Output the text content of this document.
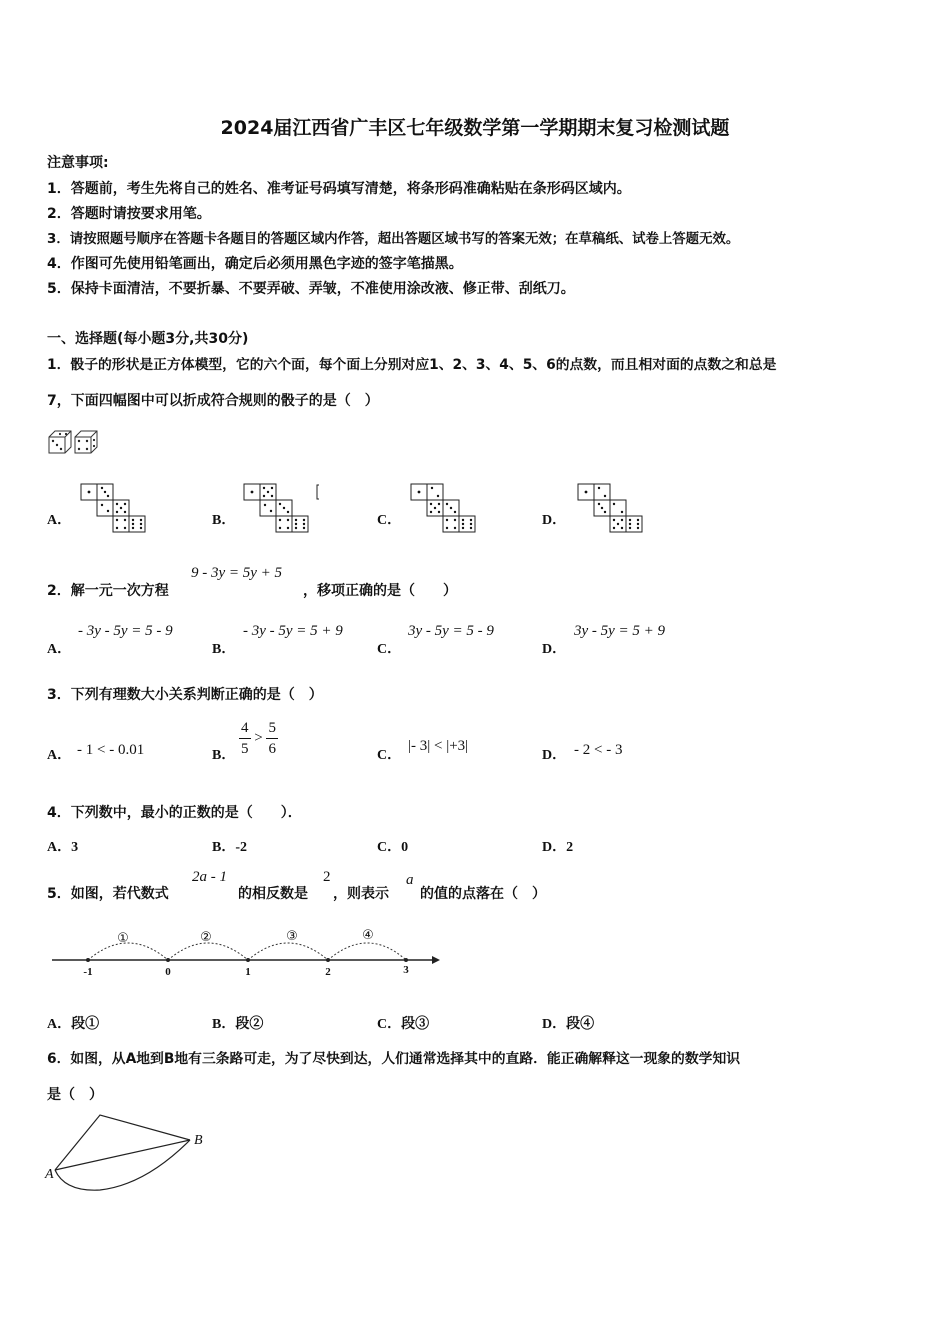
2024届江西省广丰区七年级数学第一学期期末复习检测试题
注意事项:
1．答题前，考生先将自己的姓名、准考证号码填写清楚，将条形码准确粘贴在条形码区域内。
2．答题时请按要求用笔。
3．请按照题号顺序在答题卡各题目的答题区域内作答，超出答题区域书写的答案无效；在草稿纸、试卷上答题无效。
4．作图可先使用铅笔画出，确定后必须用黑色字迹的签字笔描黑。
5．保持卡面清洁，不要折暴、不要弄破、弄皱，不准使用涂改液、修正带、刮纸刀。
一、选择题(每小题3分,共30分)
1．骰子的形状是正方体模型，它的六个面，每个面上分别对应1、2、3、4、5、6的点数，而且相对面的点数之和总是
7，下面四幅图中可以折成符合规则的骰子的是（　）
A．	B．	C．	D．
2．解一元一次方程
9 - 3y = 5y + 5
，移项正确的是（　　）
A．
- 3y - 5y = 5 - 9
B．
- 3y - 5y = 5 + 9
C．
3y - 5y = 5 - 9
D．
3y - 5y = 5 + 9
3．下列有理数大小关系判断正确的是（　）
A． - 1 < - 0.01	B． $\frac{4}{5} > \frac{5}{6}$	C．
|- 3| < |+3|
D． - 2 < - 3
4．下列数中，最小的正数的是（　　）．
A．3	B．-2	C．0	D．2
5．如图，若代数式
2a - 1
的相反数是
2
，则表示
a
的值的点落在（　）
-1	0	1	2	3
①	②	③	④
A．段①	B．段②	C．段③	D．段④
6．如图，从A地到B地有三条路可走，为了尽快到达，人们通常选择其中的直路．能正确解释这一现象的数学知识
是（　）
A
B
